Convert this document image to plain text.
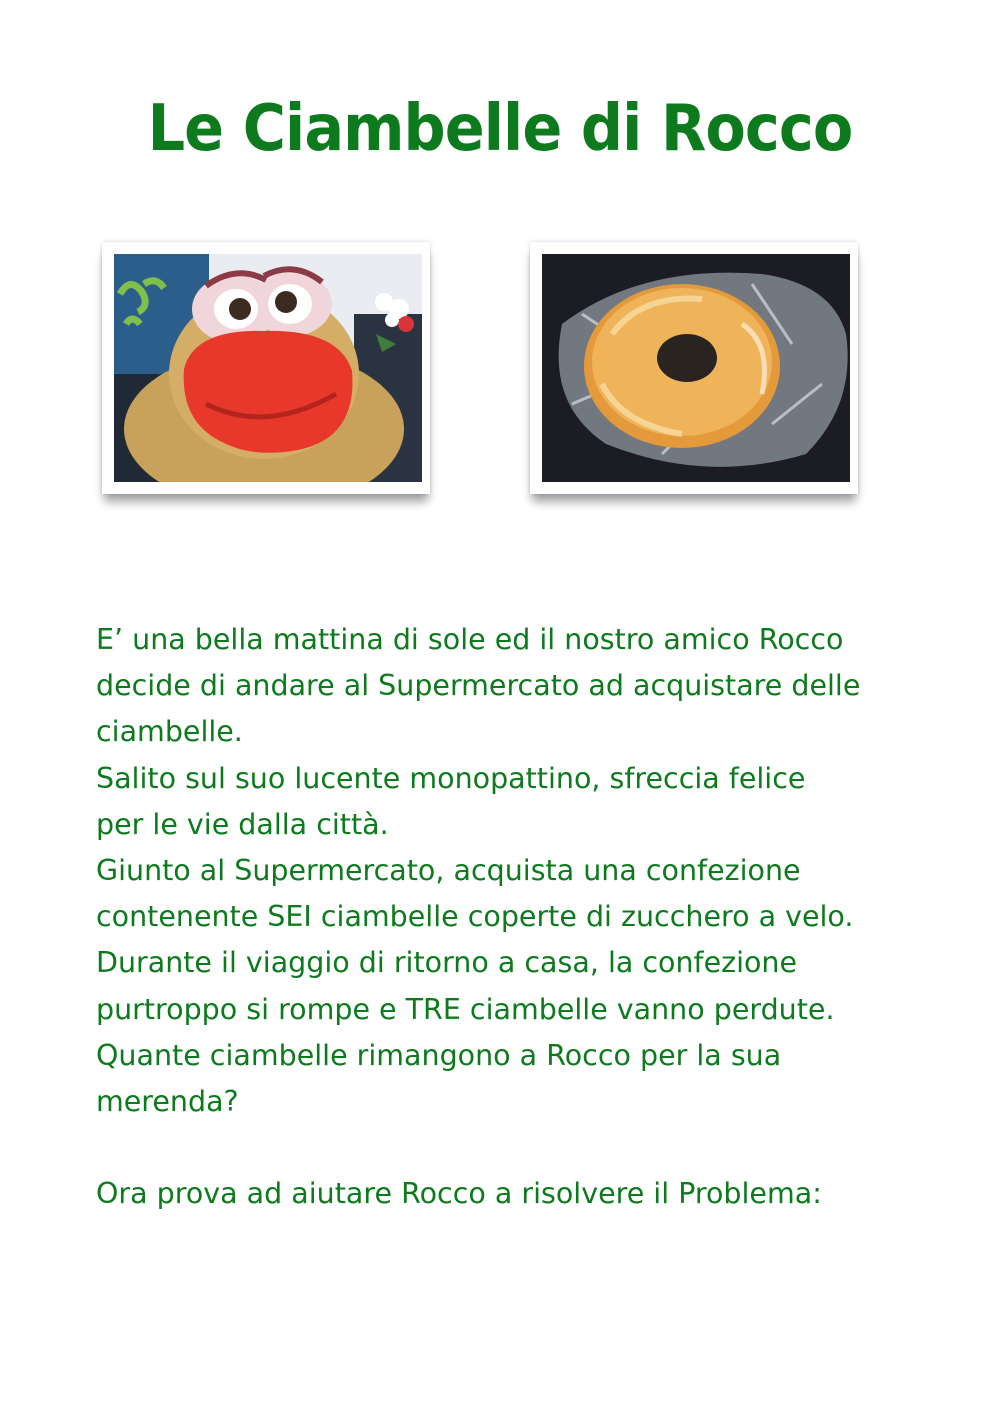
Le Ciambelle di Rocco

E’ una bella mattina di sole ed il nostro amico Rocco

decide di andare al Supermercato ad acquistare delle

ciambelle.

Salito sul suo lucente monopattino, sfreccia felice

per le vie dalla città.

Giunto al Supermercato, acquista una confezione

contenente SEI ciambelle coperte di zucchero a velo.

Durante il viaggio di ritorno a casa, la confezione

purtroppo si rompe e TRE ciambelle vanno perdute.

Quante ciambelle rimangono a Rocco per la sua

merenda?

Ora prova ad aiutare Rocco a risolvere il Problema:
